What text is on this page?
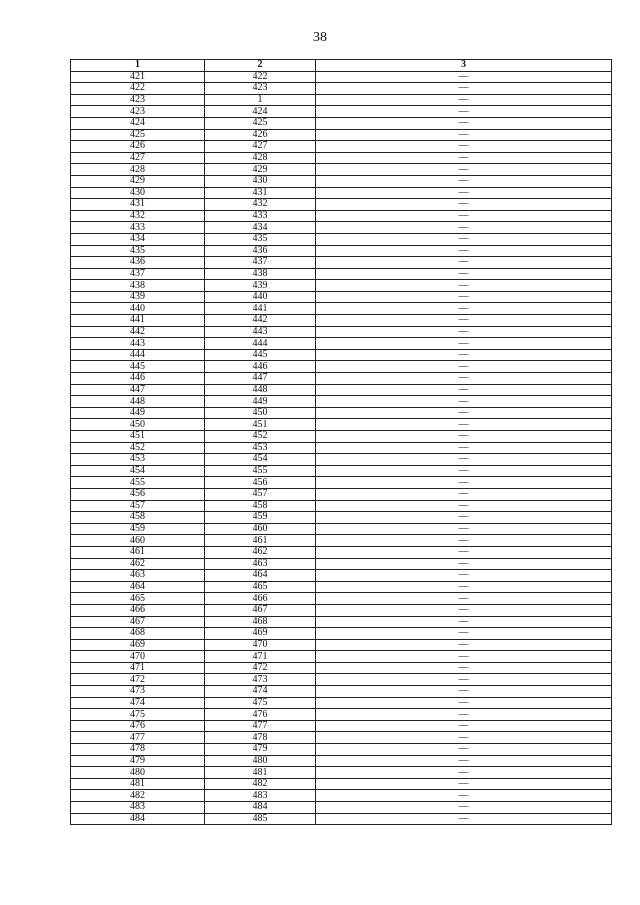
38
1	2	3
421	422	—
422	423	—
423	1	—
423	424	—
424	425	—
425	426	—
426	427	—
427	428	—
428	429	—
429	430	—
430	431	—
431	432	—
432	433	—
433	434	—
434	435	—
435	436	—
436	437	—
437	438	—
438	439	—
439	440	—
440	441	—
441	442	—
442	443	—
443	444	—
444	445	—
445	446	—
446	447	—
447	448	—
448	449	—
449	450	—
450	451	—
451	452	—
452	453	—
453	454	—
454	455	—
455	456	—
456	457	—
457	458	—
458	459	—
459	460	—
460	461	—
461	462	—
462	463	—
463	464	—
464	465	—
465	466	—
466	467	—
467	468	—
468	469	—
469	470	—
470	471	—
471	472	—
472	473	—
473	474	—
474	475	—
475	476	—
476	477	—
477	478	—
478	479	—
479	480	—
480	481	—
481	482	—
482	483	—
483	484	—
484	485	—
